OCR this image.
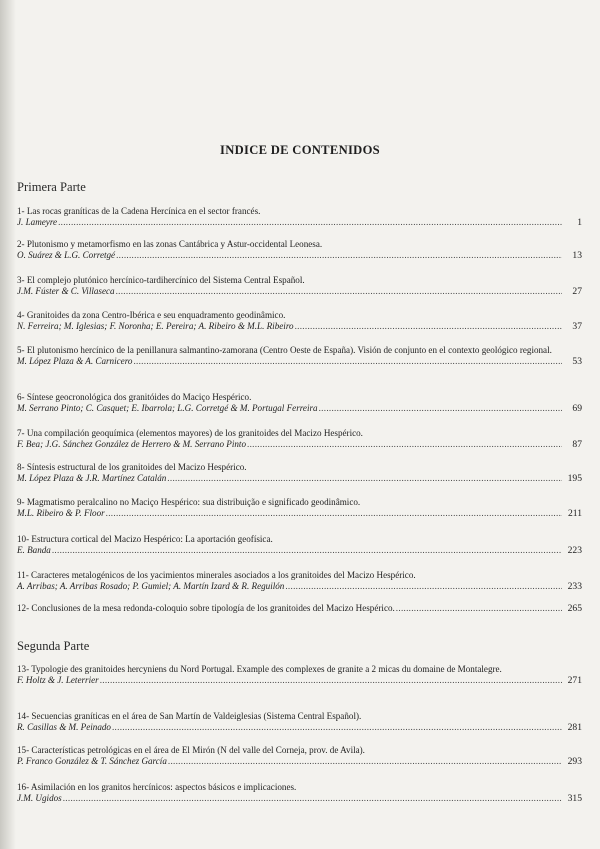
INDICE DE CONTENIDOS
Primera Parte
1- Las rocas graníticas de la Cadena Hercínica en el sector francés.
J. Lameyre .....	1
2- Plutonismo y metamorfismo en las zonas Cantábrica y Astur-occidental Leonesa.
O. Suárez & L.G. Corretgé .....	13
3- El complejo plutónico hercínico-tardihercínico del Sistema Central Español.
J.M. Fúster & C. Villaseca .....	27
4- Granitoides da zona Centro-Ibérica e seu enquadramento geodinâmico.
N. Ferreira; M. Iglesias; F. Noronha; E. Pereira; A. Ribeiro & M.L. Ribeiro .....	37
5- El plutonismo hercínico de la penillanura salmantino-zamorana (Centro Oeste de España). Visión de conjunto en el contexto geológico regional.
M. López Plaza & A. Carnicero .....	53
6- Síntese geocronológica dos granitóides do Maciço Hespérico.
M. Serrano Pinto; C. Casquet; E. Ibarrola; L.G. Corretgé & M. Portugal Ferreira .....	69
7- Una compilación geoquímica (elementos mayores) de los granitoides del Macizo Hespérico.
F. Bea; J.G. Sánchez González de Herrero & M. Serrano Pinto .....	87
8- Síntesis estructural de los granitoides del Macizo Hespérico.
M. López Plaza & J.R. Martínez Catalán .....	195
9- Magmatismo peralcalino no Maciço Hespérico: sua distribuição e significado geodinâmico.
M.L. Ribeiro & P. Floor .....	211
10- Estructura cortical del Macizo Hespérico: La aportación geofísica.
E. Banda .....	223
11- Caracteres metalogénicos de los yacimientos minerales asociados a los granitoides del Macizo Hespérico.
A. Arribas; A. Arribas Rosado; P. Gumiel; A. Martín Izard & R. Reguilón .....	233
12- Conclusiones de la mesa redonda-coloquio sobre tipología de los granitoides del Macizo Hespérico. .....	265
Segunda Parte
13- Typologie des granitoides hercyniens du Nord Portugal. Example des complexes de granite a 2 micas du domaine de Montalegre.
F. Holtz & J. Leterrier .....	271
14- Secuencias graníticas en el área de San Martín de Valdeiglesias (Sistema Central Español).
R. Casillas & M. Peinado .....	281
15- Características petrológicas en el área de El Mirón (N del valle del Corneja, prov. de Avila).
P. Franco González & T. Sánchez García .....	293
16- Asimilación en los granitos hercínicos: aspectos básicos e implicaciones.
J.M. Ugidos .....	315
